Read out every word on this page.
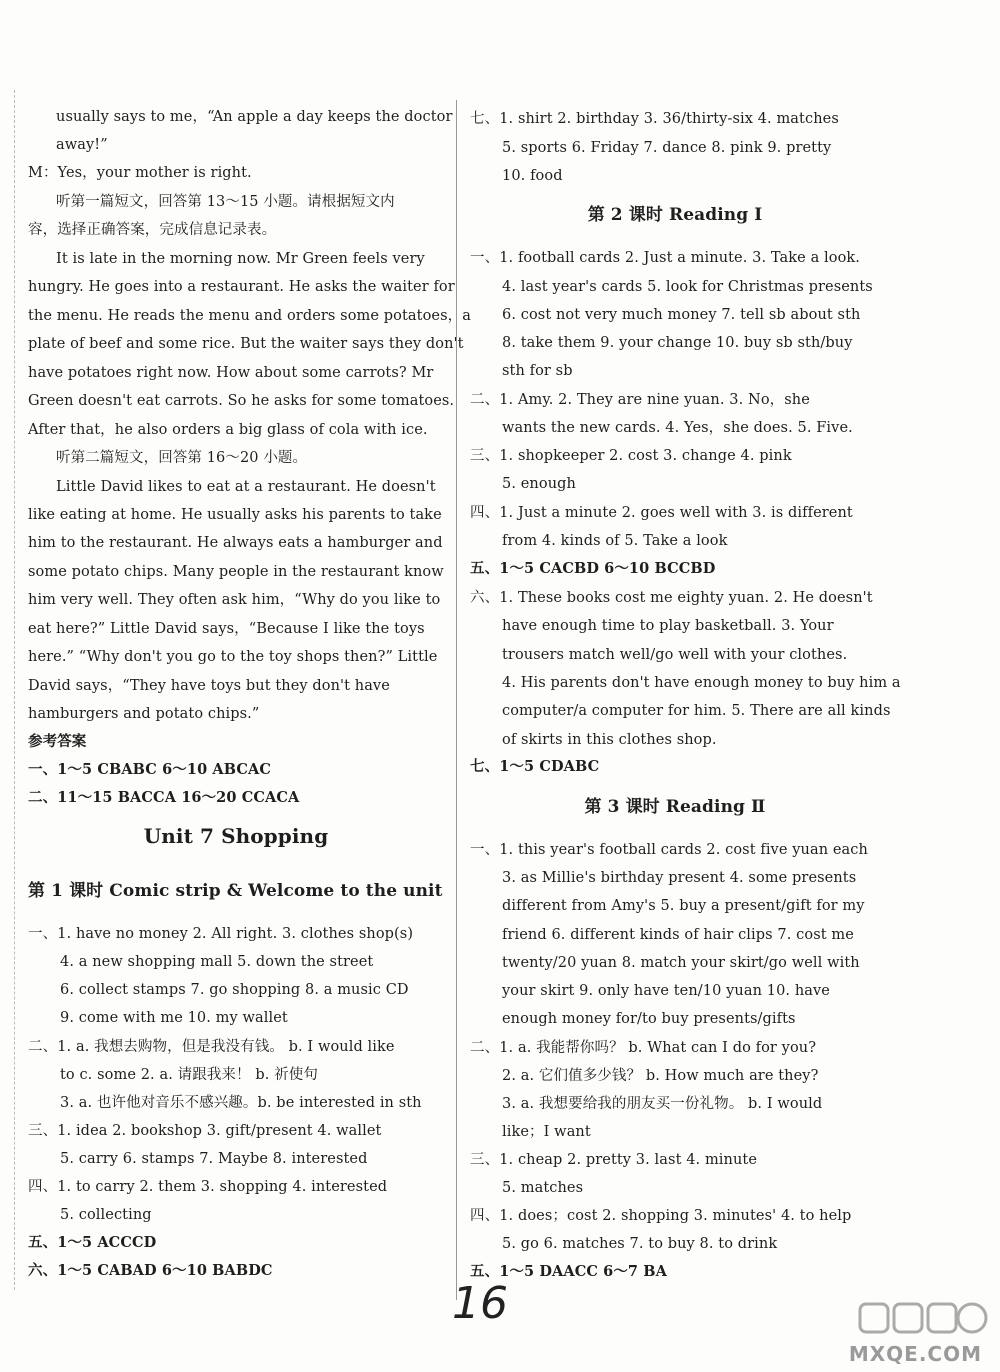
usually says to me，“An apple a day keeps the doctor
away!”
M：Yes，your mother is right.
听第一篇短文，回答第 13～15 小题。请根据短文内
容，选择正确答案，完成信息记录表。
It is late in the morning now. Mr Green feels very
hungry. He goes into a restaurant. He asks the waiter for
the menu. He reads the menu and orders some potatoes，a
plate of beef and some rice. But the waiter says they don't
have potatoes right now. How about some carrots? Mr
Green doesn't eat carrots. So he asks for some tomatoes.
After that，he also orders a big glass of cola with ice.
听第二篇短文，回答第 16～20 小题。
Little David likes to eat at a restaurant. He doesn't
like eating at home. He usually asks his parents to take
him to the restaurant. He always eats a hamburger and
some potato chips. Many people in the restaurant know
him very well. They often ask him，“Why do you like to
eat here?” Little David says，“Because I like the toys
here.” “Why don't you go to the toy shops then?” Little
David says，“They have toys but they don't have
hamburgers and potato chips.”
参考答案
一、1～5 CBABC 6～10 ABCAC
二、11～15 BACCA 16～20 CCACA
Unit 7 Shopping
第 1 课时 Comic strip & Welcome to the unit
一、1. have no money 2. All right. 3. clothes shop(s)
4. a new shopping mall 5. down the street
6. collect stamps 7. go shopping 8. a music CD
9. come with me 10. my wallet
二、1. a. 我想去购物，但是我没有钱。 b. I would like
to c. some 2. a. 请跟我来！ b. 祈使句
3. a. 也许他对音乐不感兴趣。b. be interested in sth
三、1. idea 2. bookshop 3. gift/present 4. wallet
5. carry 6. stamps 7. Maybe 8. interested
四、1. to carry 2. them 3. shopping 4. interested
5. collecting
五、1～5 ACCCD
六、1～5 CABAD 6～10 BABDC
七、1. shirt 2. birthday 3. 36/thirty-six 4. matches
5. sports 6. Friday 7. dance 8. pink 9. pretty
10. food
第 2 课时 Reading Ⅰ
一、1. football cards 2. Just a minute. 3. Take a look.
4. last year's cards 5. look for Christmas presents
6. cost not very much money 7. tell sb about sth
8. take them 9. your change 10. buy sb sth/buy
sth for sb
二、1. Amy. 2. They are nine yuan. 3. No，she
wants the new cards. 4. Yes，she does. 5. Five.
三、1. shopkeeper 2. cost 3. change 4. pink
5. enough
四、1. Just a minute 2. goes well with 3. is different
from 4. kinds of 5. Take a look
五、1～5 CACBD 6～10 BCCBD
六、1. These books cost me eighty yuan. 2. He doesn't
have enough time to play basketball. 3. Your
trousers match well/go well with your clothes.
4. His parents don't have enough money to buy him a
computer/a computer for him. 5. There are all kinds
of skirts in this clothes shop.
七、1～5 CDABC
第 3 课时 Reading Ⅱ
一、1. this year's football cards 2. cost five yuan each
3. as Millie's birthday present 4. some presents
different from Amy's 5. buy a present/gift for my
friend 6. different kinds of hair clips 7. cost me
twenty/20 yuan 8. match your skirt/go well with
your skirt 9. only have ten/10 yuan 10. have
enough money for/to buy presents/gifts
二、1. a. 我能帮你吗？ b. What can I do for you?
2. a. 它们值多少钱？ b. How much are they?
3. a. 我想要给我的朋友买一份礼物。 b. I would
like；I want
三、1. cheap 2. pretty 3. last 4. minute
5. matches
四、1. does；cost 2. shopping 3. minutes' 4. to help
5. go 6. matches 7. to buy 8. to drink
五、1～5 DAACC 6～7 BA
16
MXQE.COM
